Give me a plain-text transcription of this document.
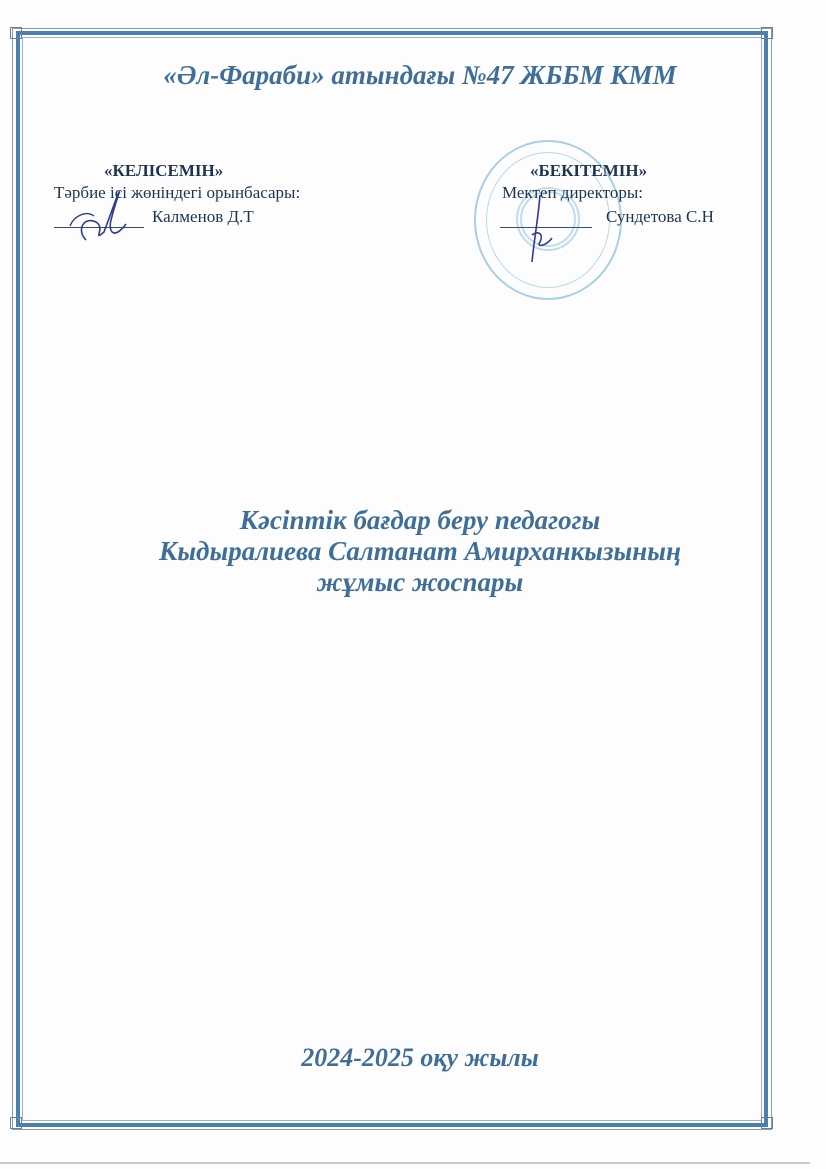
«Әл-Фараби» атындағы №47 ЖББМ КММ
«КЕЛІСЕМІН»
Тәрбие ісі жөніндегі орынбасары:
Калменов Д.Т
«БЕКІТЕМІН»
Мектеп директоры:
Сундетова С.Н
Кәсіптік бағдар беру педагогы
Кыдыралиева Салтанат Амирханкызының
жұмыс жоспары
2024-2025 оқу жылы
